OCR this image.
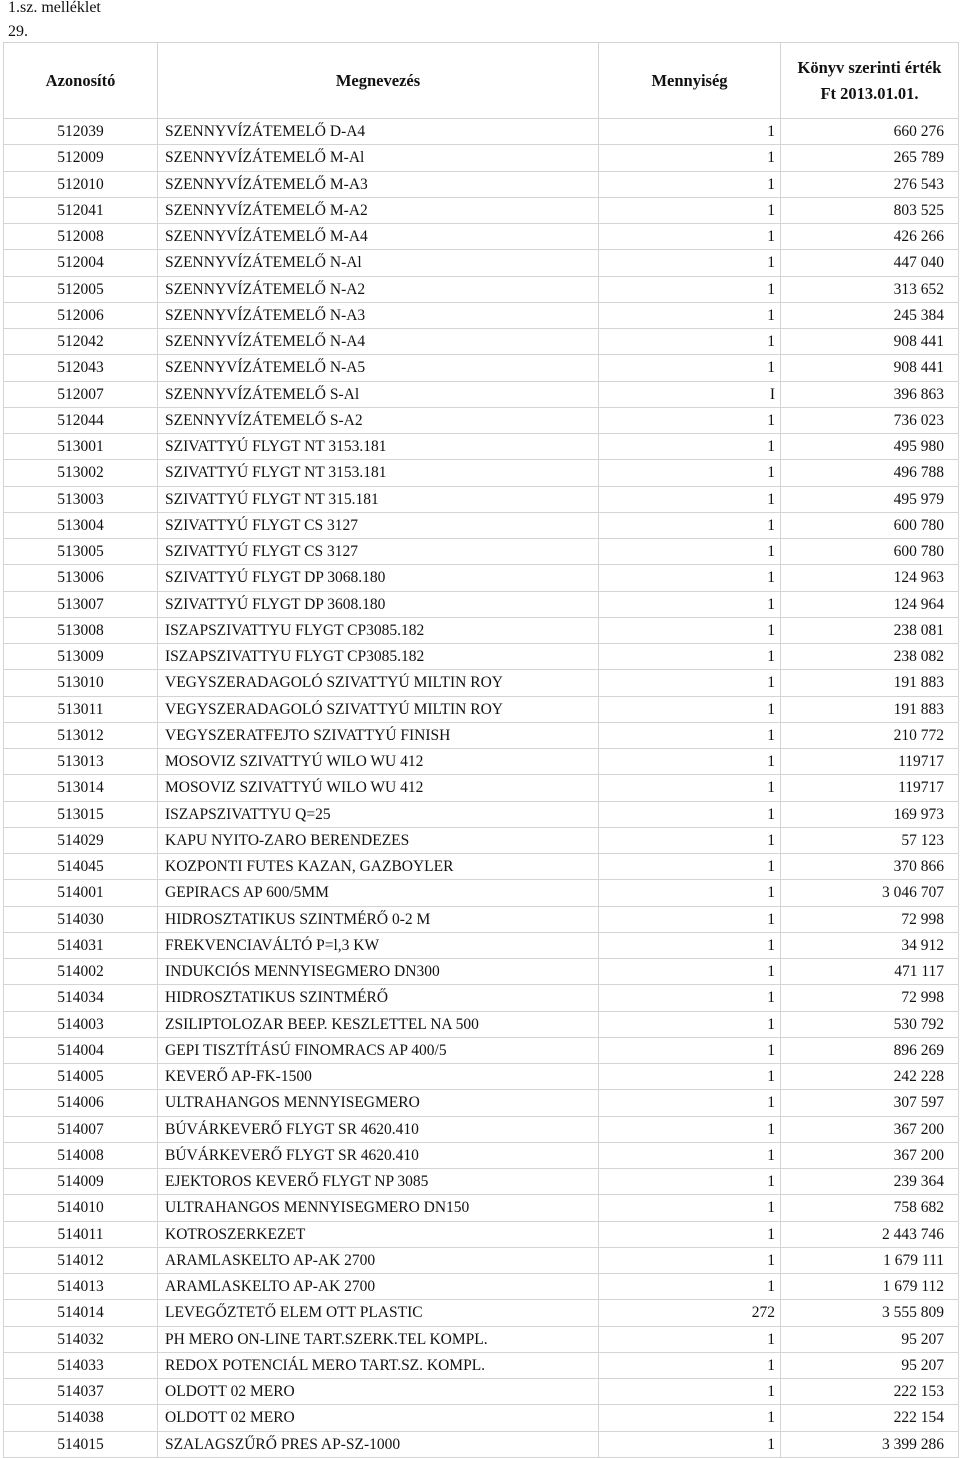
1.sz. melléklet
29.
Azonosító	Megnevezés	Mennyiség	Könyv szerinti érték
Ft 2013.01.01.

512039	SZENNYVÍZÁTEMELŐ D-A4	1	660 276
512009	SZENNYVÍZÁTEMELŐ M-Al	1	265 789
512010	SZENNYVÍZÁTEMELŐ M-A3	1	276 543
512041	SZENNYVÍZÁTEMELŐ M-A2	1	803 525
512008	SZENNYVÍZÁTEMELŐ M-A4	1	426 266
512004	SZENNYVÍZÁTEMELŐ N-Al	1	447 040
512005	SZENNYVÍZÁTEMELŐ N-A2	1	313 652
512006	SZENNYVÍZÁTEMELŐ N-A3	1	245 384
512042	SZENNYVÍZÁTEMELŐ N-A4	1	908 441
512043	SZENNYVÍZÁTEMELŐ N-A5	1	908 441
512007	SZENNYVÍZÁTEMELŐ S-Al	I	396 863
512044	SZENNYVÍZÁTEMELŐ S-A2	1	736 023
513001	SZIVATTYÚ FLYGT NT 3153.181	1	495 980
513002	SZIVATTYÚ FLYGT NT 3153.181	1	496 788
513003	SZIVATTYÚ FLYGT NT 315.181	1	495 979
513004	SZIVATTYÚ FLYGT CS 3127	1	600 780
513005	SZIVATTYÚ FLYGT CS 3127	1	600 780
513006	SZIVATTYÚ FLYGT DP 3068.180	1	124 963
513007	SZIVATTYÚ FLYGT DP 3608.180	1	124 964
513008	ISZAPSZIVATTYU FLYGT CP3085.182	1	238 081
513009	ISZAPSZIVATTYU FLYGT CP3085.182	1	238 082
513010	VEGYSZERADAGOLÓ SZIVATTYÚ MILTIN ROY	1	191 883
513011	VEGYSZERADAGOLÓ SZIVATTYÚ MILTIN ROY	1	191 883
513012	VEGYSZERATFEJTO SZIVATTYÚ FINISH	1	210 772
513013	MOSOVIZ SZIVATTYÚ WILO WU 412	1	119717
513014	MOSOVIZ SZIVATTYÚ WILO WU 412	1	119717
513015	ISZAPSZIVATTYU Q=25	1	169 973
514029	KAPU NYITO-ZARO BERENDEZES	1	57 123
514045	KOZPONTI FUTES KAZAN, GAZBOYLER	1	370 866
514001	GEPIRACS AP 600/5MM	1	3 046 707
514030	HIDROSZTATIKUS SZINTMÉRŐ 0-2 M	1	72 998
514031	FREKVENCIAVÁLTÓ P=l,3 KW	1	34 912
514002	INDUKCIÓS MENNYISEGMERO DN300	1	471 117
514034	HIDROSZTATIKUS SZINTMÉRŐ	1	72 998
514003	ZSILIPTOLOZAR BEEP. KESZLETTEL NA 500	1	530 792
514004	GEPI TISZTÍTÁSÚ FINOMRACS AP 400/5	1	896 269
514005	KEVERŐ AP-FK-1500	1	242 228
514006	ULTRAHANGOS MENNYISEGMERO	1	307 597
514007	BÚVÁRKEVERŐ FLYGT SR 4620.410	1	367 200
514008	BÚVÁRKEVERŐ FLYGT SR 4620.410	1	367 200
514009	EJEKTOROS KEVERŐ FLYGT NP 3085	1	239 364
514010	ULTRAHANGOS MENNYISEGMERO DN150	1	758 682
514011	KOTROSZERKEZET	1	2 443 746
514012	ARAMLASKELTO AP-AK 2700	1	1 679 111
514013	ARAMLASKELTO AP-AK 2700	1	1 679 112
514014	LEVEGŐZTETŐ ELEM OTT PLASTIC	272	3 555 809
514032	PH MERO ON-LINE TART.SZERK.TEL KOMPL.	1	95 207
514033	REDOX POTENCIÁL MERO TART.SZ. KOMPL.	1	95 207
514037	OLDOTT 02 MERO	1	222 153
514038	OLDOTT 02 MERO	1	222 154
514015	SZALAGSZŰRŐ PRES AP-SZ-1000	1	3 399 286
